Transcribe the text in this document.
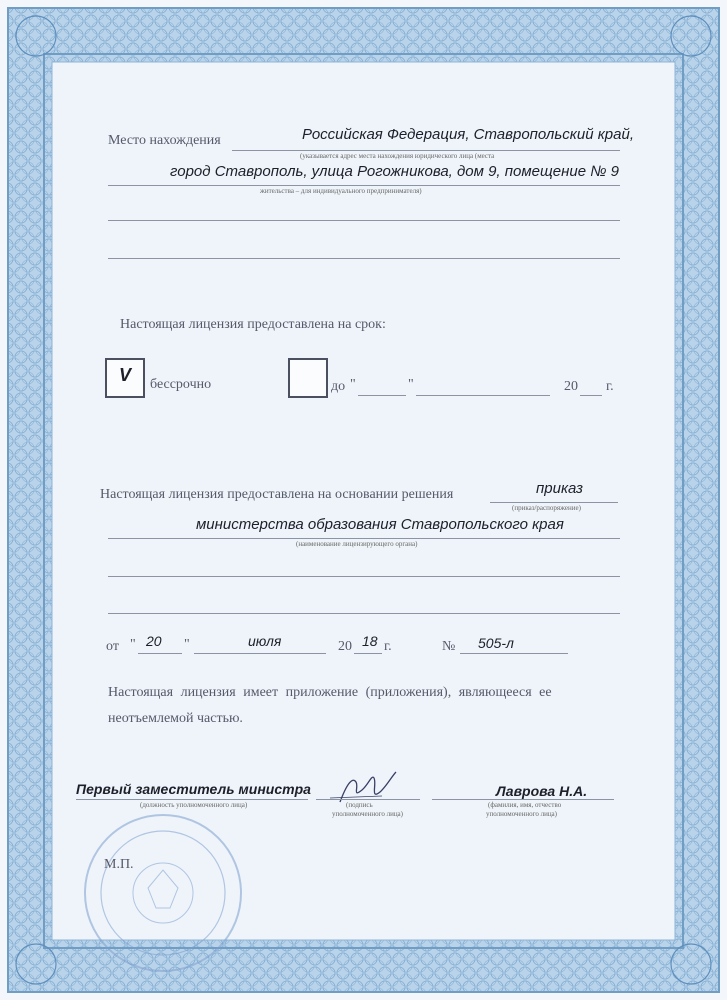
Место нахождения	Российская Федерация, Ставропольский край,
(указывается адрес места нахождения юридического лица (места
город Ставрополь, улица Рогожникова, дом 9, помещение № 9
жительства – для индивидуального предпринимателя)
Настоящая лицензия предоставлена на срок:
V бессрочно	до "	"	20 г.
Настоящая лицензия предоставлена на основании решения	приказ
(приказ/распоряжение)
министерства образования Ставропольского края
(наименование лицензирующего органа)
от " 20 "	июля	20 18 г.	№ 505-л
Настоящая лицензия имеет приложение (приложения), являющееся ее
неотъемлемой частью.
Первый заместитель министра
(должность уполномоченного лица)	(подпись
уполномоченного лица)
Лаврова Н.А.
(фамилия, имя, отчество
уполномоченного лица)
М.П.
